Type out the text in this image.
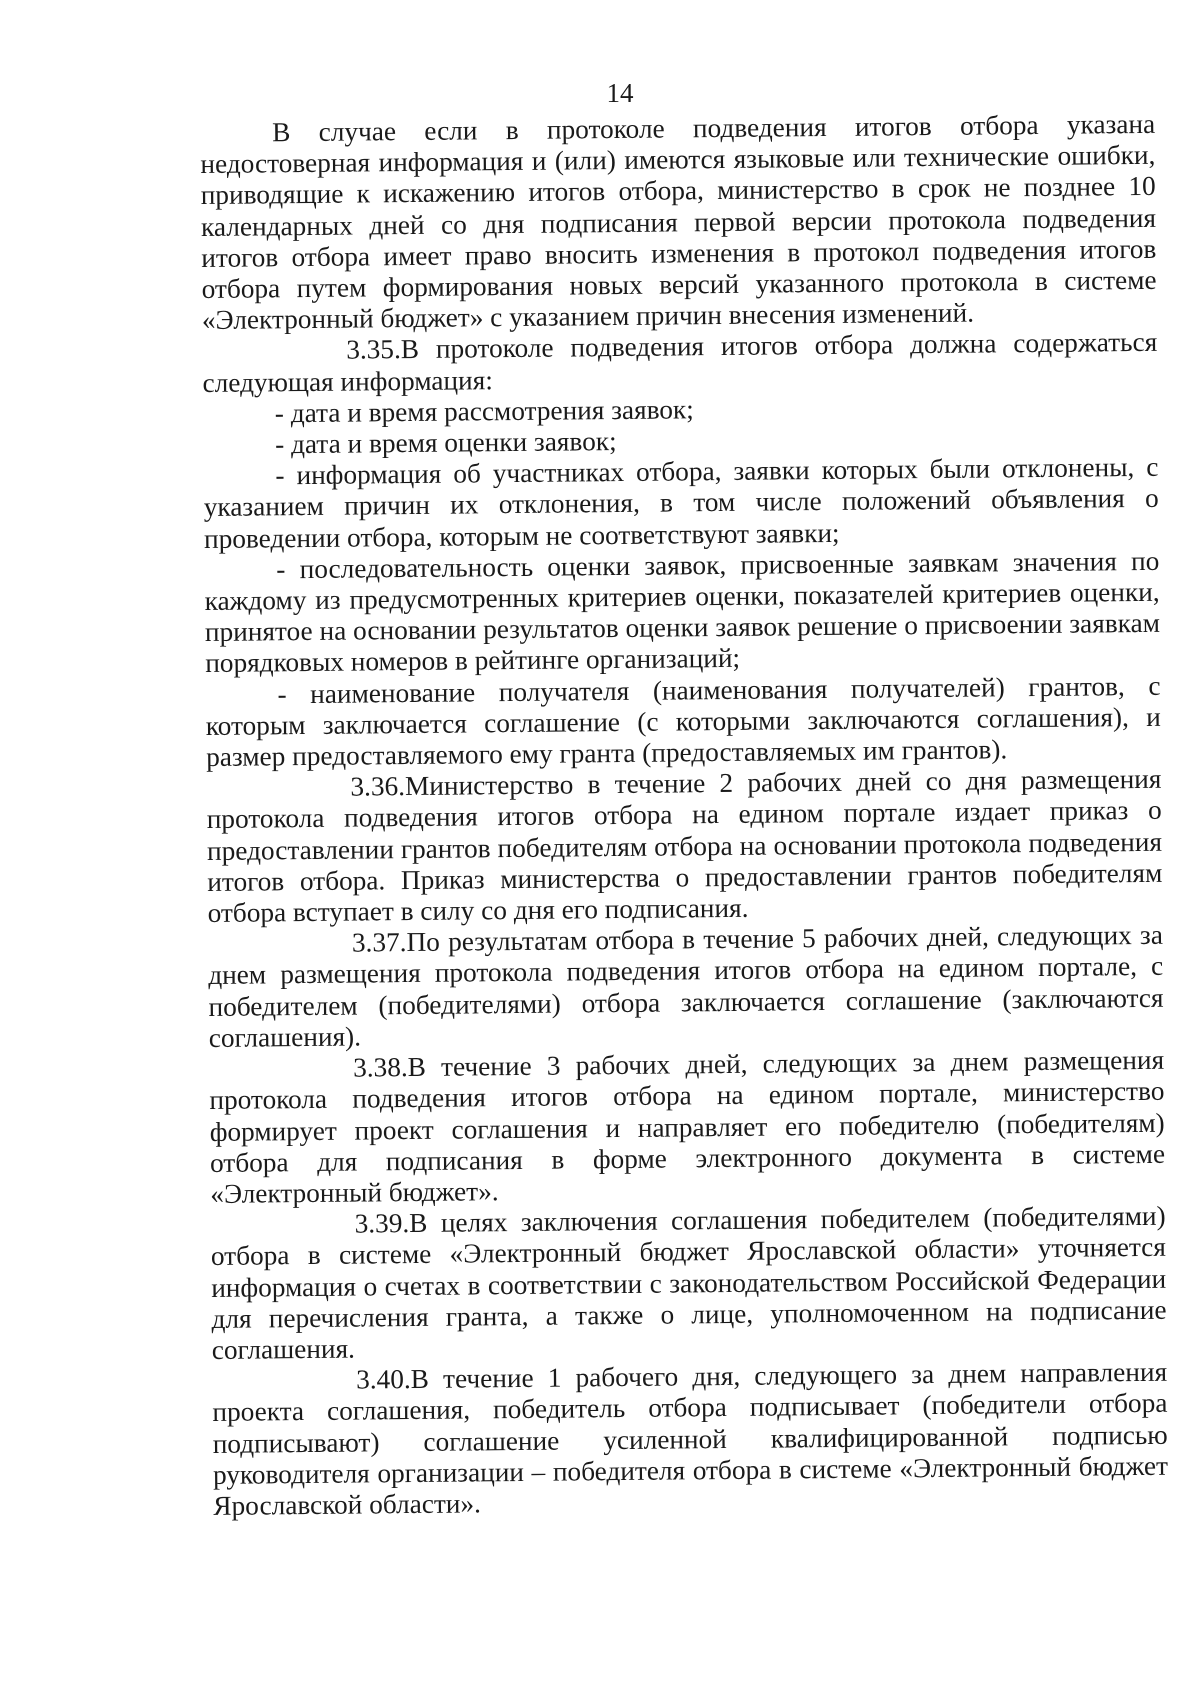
14

В случае если в протоколе подведения итогов отбора указана недостоверная информация и (или) имеются языковые или технические ошибки, приводящие к искажению итогов отбора, министерство в срок не позднее 10 календарных дней со дня подписания первой версии протокола подведения итогов отбора имеет право вносить изменения в протокол подведения итогов отбора путем формирования новых версий указанного протокола в системе «Электронный бюджет» с указанием причин внесения изменений.

3.35.В протоколе подведения итогов отбора должна содержаться следующая информация:

- дата и время рассмотрения заявок;

- дата и время оценки заявок;

- информация об участниках отбора, заявки которых были отклонены, с указанием причин их отклонения, в том числе положений объявления о проведении отбора, которым не соответствуют заявки;

- последовательность оценки заявок, присвоенные заявкам значения по каждому из предусмотренных критериев оценки, показателей критериев оценки, принятое на основании результатов оценки заявок решение о присвоении заявкам порядковых номеров в рейтинге организаций;

- наименование получателя (наименования получателей) грантов, с которым заключается соглашение (с которыми заключаются соглашения), и размер предоставляемого ему гранта (предоставляемых им грантов).

3.36.Министерство в течение 2 рабочих дней со дня размещения протокола подведения итогов отбора на едином портале издает приказ о предоставлении грантов победителям отбора на основании протокола подведения итогов отбора. Приказ министерства о предоставлении грантов победителям отбора вступает в силу со дня его подписания.

3.37.По результатам отбора в течение 5 рабочих дней, следующих за днем размещения протокола подведения итогов отбора на едином портале, с победителем (победителями) отбора заключается соглашение (заключаются соглашения).

3.38.В течение 3 рабочих дней, следующих за днем размещения протокола подведения итогов отбора на едином портале, министерство формирует проект соглашения и направляет его победителю (победителям) отбора для подписания в форме электронного документа в системе «Электронный бюджет».

3.39.В целях заключения соглашения победителем (победителями) отбора в системе «Электронный бюджет Ярославской области» уточняется информация о счетах в соответствии с законодательством Российской Федерации для перечисления гранта, а также о лице, уполномоченном на подписание соглашения.

3.40.В течение 1 рабочего дня, следующего за днем направления проекта соглашения, победитель отбора подписывает (победители отбора подписывают) соглашение усиленной квалифицированной подписью руководителя организации – победителя отбора в системе «Электронный бюджет Ярославской области».
